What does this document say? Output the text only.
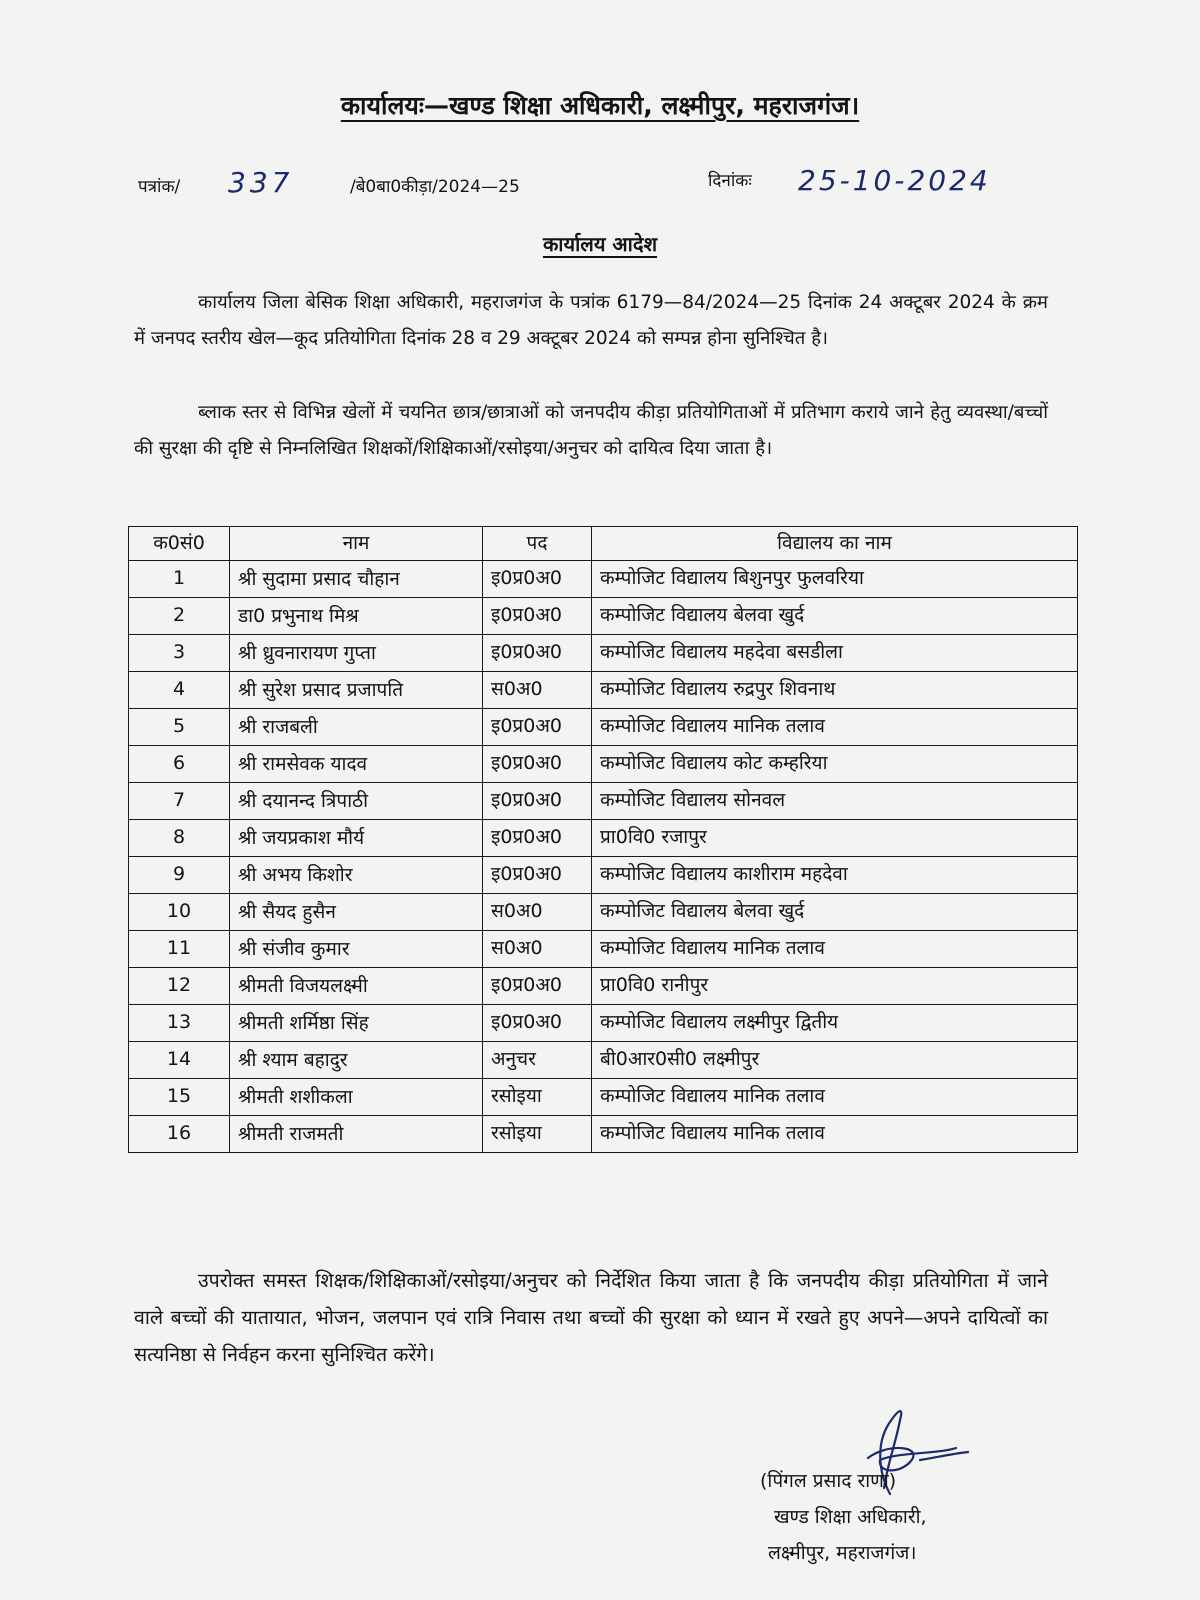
कार्यालयः—खण्ड शिक्षा अधिकारी, लक्ष्मीपुर, महराजगंज।
पत्रांक/ 337	/बे0बा0कीड़ा/2024—25	दिनांकः 25-10-2024
कार्यालय आदेश
कार्यालय जिला बेसिक शिक्षा अधिकारी, महराजगंज के पत्रांक 6179—84/2024—25 दिनांक 24 अक्टूबर 2024 के क्रम में जनपद स्तरीय खेल—कूद प्रतियोगिता दिनांक 28 व 29 अक्टूबर 2024 को सम्पन्न होना सुनिश्चित है।
ब्लाक स्तर से विभिन्न खेलों में चयनित छात्र/छात्राओं को जनपदीय कीड़ा प्रतियोगिताओं में प्रतिभाग कराये जाने हेतु व्यवस्था/बच्चों की सुरक्षा की दृष्टि से निम्नलिखित शिक्षकों/शिक्षिकाओं/रसोइया/अनुचर को दायित्व दिया जाता है।
क0सं0	नाम	पद	विद्यालय का नाम
1	श्री सुदामा प्रसाद चौहान	इ0प्र0अ0	कम्पोजिट विद्यालय बिशुनपुर फुलवरिया
2	डा0 प्रभुनाथ मिश्र	इ0प्र0अ0	कम्पोजिट विद्यालय बेलवा खुर्द
3	श्री ध्रुवनारायण गुप्ता	इ0प्र0अ0	कम्पोजिट विद्यालय महदेवा बसडीला
4	श्री सुरेश प्रसाद प्रजापति	स0अ0	कम्पोजिट विद्यालय रुद्रपुर शिवनाथ
5	श्री राजबली	इ0प्र0अ0	कम्पोजिट विद्यालय मानिक तलाव
6	श्री रामसेवक यादव	इ0प्र0अ0	कम्पोजिट विद्यालय कोट कम्हरिया
7	श्री दयानन्द त्रिपाठी	इ0प्र0अ0	कम्पोजिट विद्यालय सोनवल
8	श्री जयप्रकाश मौर्य	इ0प्र0अ0	प्रा0वि0 रजापुर
9	श्री अभय किशोर	इ0प्र0अ0	कम्पोजिट विद्यालय काशीराम महदेवा
10	श्री सैयद हुसैन	स0अ0	कम्पोजिट विद्यालय बेलवा खुर्द
11	श्री संजीव कुमार	स0अ0	कम्पोजिट विद्यालय मानिक तलाव
12	श्रीमती विजयलक्ष्मी	इ0प्र0अ0	प्रा0वि0 रानीपुर
13	श्रीमती शर्मिष्ठा सिंह	इ0प्र0अ0	कम्पोजिट विद्यालय लक्ष्मीपुर द्वितीय
14	श्री श्याम बहादुर	अनुचर	बी0आर0सी0 लक्ष्मीपुर
15	श्रीमती शशीकला	रसोइया	कम्पोजिट विद्यालय मानिक तलाव
16	श्रीमती राजमती	रसोइया	कम्पोजिट विद्यालय मानिक तलाव
उपरोक्त समस्त शिक्षक/शिक्षिकाओं/रसोइया/अनुचर को निर्देशित किया जाता है कि जनपदीय कीड़ा प्रतियोगिता में जाने वाले बच्चों की यातायात, भोजन, जलपान एवं रात्रि निवास तथा बच्चों की सुरक्षा को ध्यान में रखते हुए अपने—अपने दायित्वों का सत्यनिष्ठा से निर्वहन करना सुनिश्चित करेंगे।
(पिंगल प्रसाद राणा)
खण्ड शिक्षा अधिकारी,
लक्ष्मीपुर, महराजगंज।
